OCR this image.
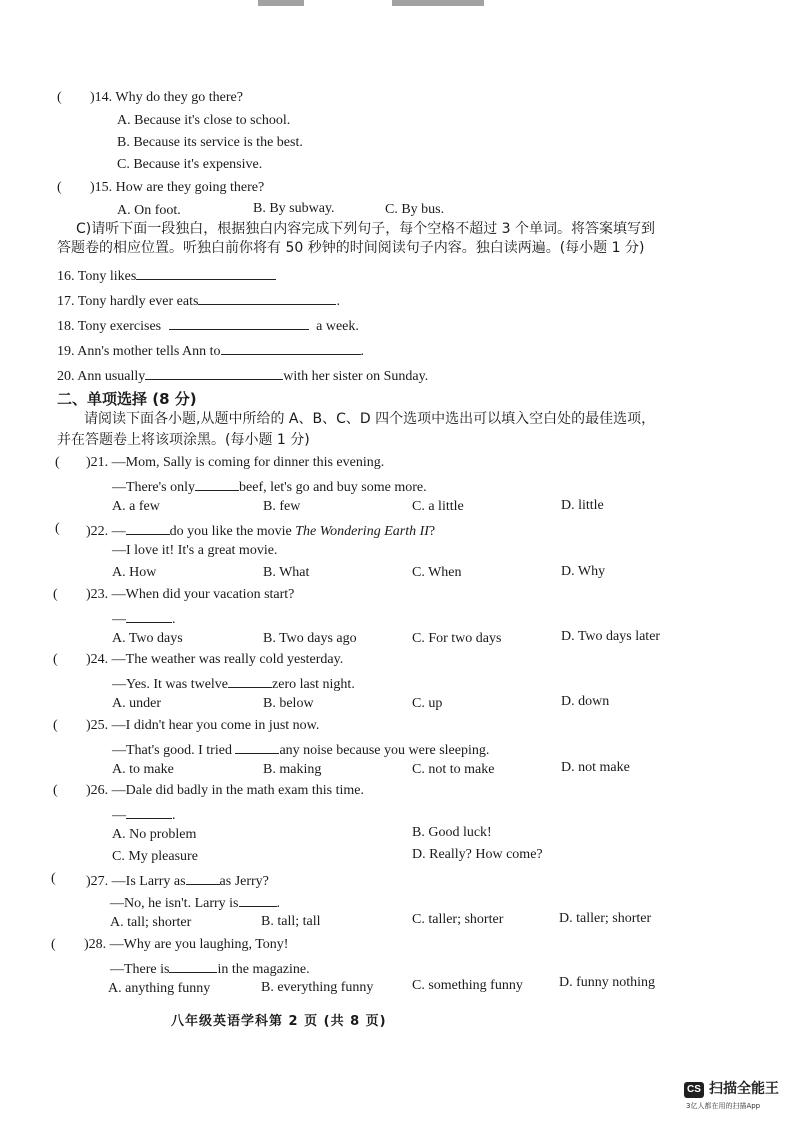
( )14. Why do they go there?
A. Because it's close to school.
B. Because its service is the best.
C. Because it's expensive.
( )15. How are they going there?
A. On foot.	B. By subway.	C. By bus.
C)请听下面一段独白，根据独白内容完成下列句子，每个空格不超过 3 个单词。将答案填写到
答题卷的相应位置。听独白前你将有 50 秒钟的时间阅读句子内容。独白读两遍。(每小题 1 分)
16. Tony likes
17. Tony hardly ever eats	.
18. Tony exercises	a week.
19. Ann's mother tells Ann to	.
20. Ann usually	with her sister on Sunday.
二、单项选择 (8 分)
请阅读下面各小题,从题中所给的 A、B、C、D 四个选项中选出可以填入空白处的最佳选项，
并在答题卷上将该项涂黑。(每小题 1 分)
( )21. —Mom, Sally is coming for dinner this evening.
—There's only	beef, let's go and buy some more.
A. a few	B. few	C. a little	D. little
( )22. —	do you like the movie The Wondering Earth II?
—I love it! It's a great movie.
A. How	B. What	C. When	D. Why
( )23. —When did your vacation start?
—	.
A. Two days	B. Two days ago	C. For two days	D. Two days later
( )24. —The weather was really cold yesterday.
—Yes. It was twelve	zero last night.
A. under	B. below	C. up	D. down
( )25. —I didn't hear you come in just now.
—That's good. I tried	any noise because you were sleeping.
A. to make	B. making	C. not to make	D. not make
( )26. —Dale did badly in the math exam this time.
—	.
A. No problem	B. Good luck!
C. My pleasure	D. Really? How come?
( )27. —Is Larry as as Jerry?
—No, he isn't. Larry is	.
A. tall; shorter	B. tall; tall	C. taller; shorter	D. taller; shorter
( )28. —Why are you laughing, Tony!
—There is	in the magazine.
A. anything funny	B. everything funny	C. something funny	D. funny nothing
八年级英语学科第 2 页 (共 8 页)
CS 扫描全能王
3亿人都在用的扫描App
